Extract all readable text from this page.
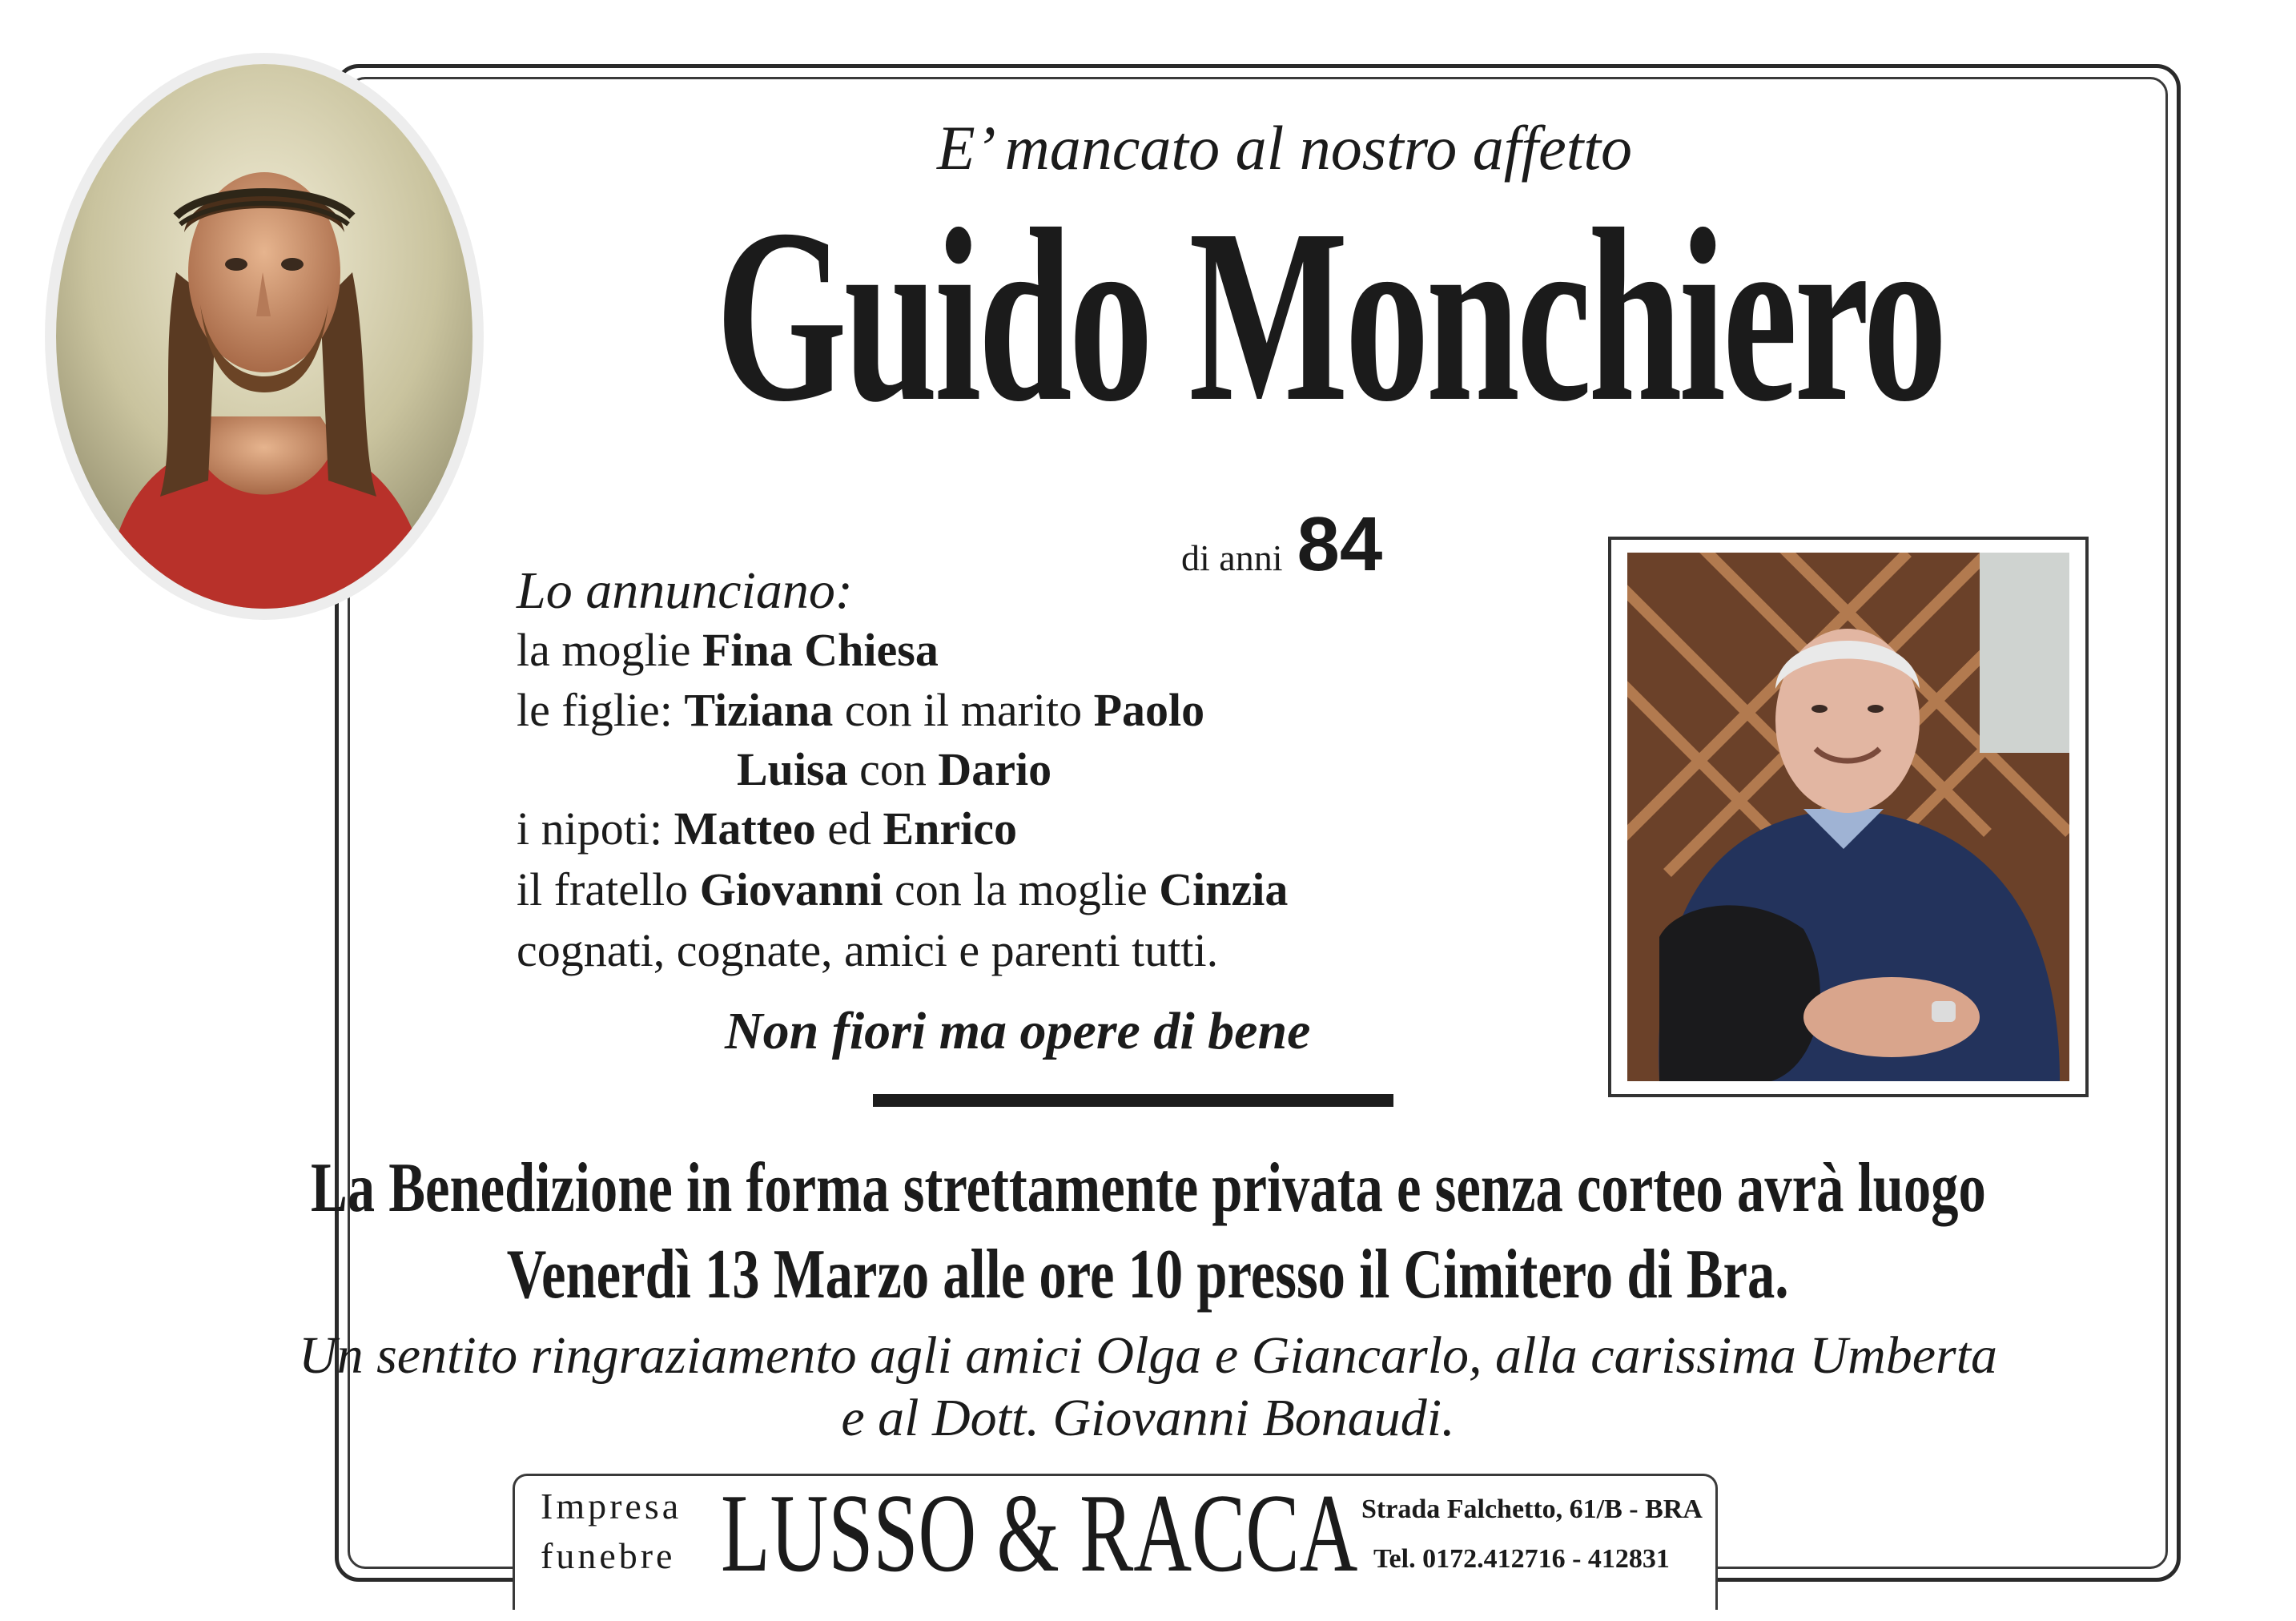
E’ mancato al nostro affetto
Guido Monchiero
di anni 84
Lo annunciano:
la moglie Fina Chiesa
le figlie: Tiziana con il marito Paolo
Luisa con Dario
i nipoti: Matteo ed Enrico
il fratello Giovanni con la moglie Cinzia
cognati, cognate, amici e parenti tutti.
Non fiori ma opere di bene
La Benedizione in forma strettamente privata e senza corteo avrà luogo
Venerdì 13 Marzo alle ore 10 presso il Cimitero di Bra.
Un sentito ringraziamento agli amici Olga e Giancarlo, alla carissima Umberta
e al Dott. Giovanni Bonaudi.
Impresa
funebre LUSSO & RACCA Strada Falchetto, 61/B - BRA
Tel. 0172.412716 - 412831
